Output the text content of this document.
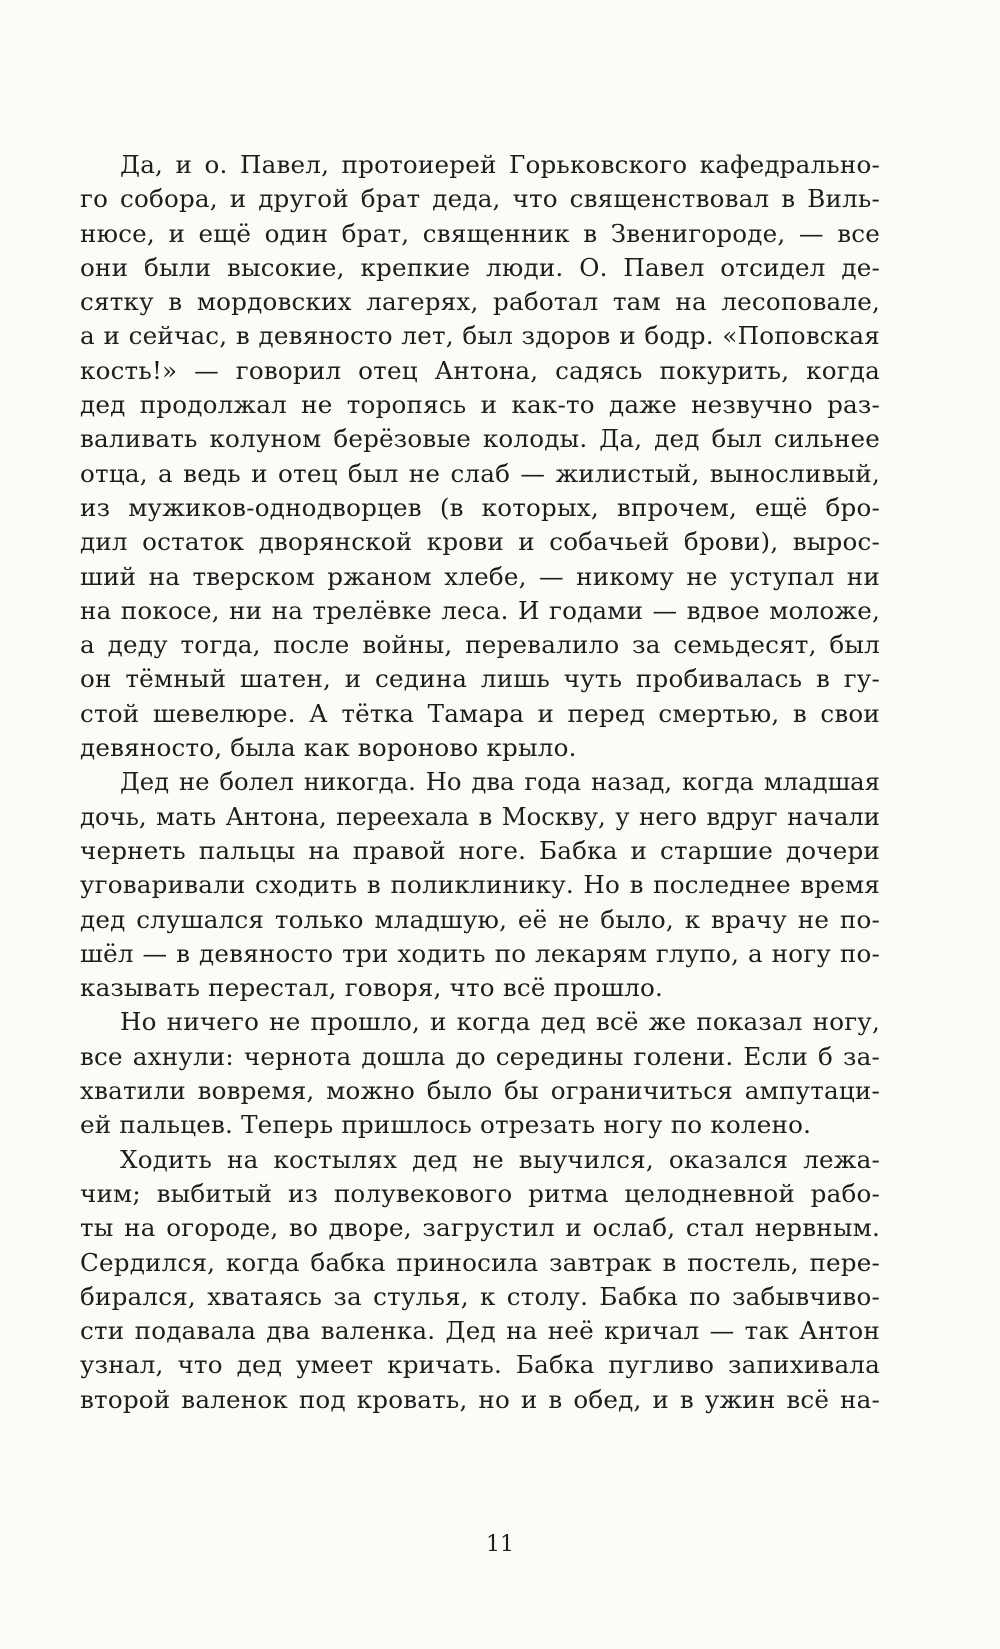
Да, и о. Павел, протоиерей Горьковского кафедрально-
го собора, и другой брат деда, что священствовал в Виль-
нюсе, и ещё один брат, священник в Звенигороде, — все
они были высокие, крепкие люди. О. Павел отсидел де-
сятку в мордовских лагерях, работал там на лесоповале,
а и сейчас, в девяносто лет, был здоров и бодр. «Поповская
кость!» — говорил отец Антона, садясь покурить, когда
дед продолжал не торопясь и как-то даже незвучно раз-
валивать колуном берёзовые колоды. Да, дед был сильнее
отца, а ведь и отец был не слаб — жилистый, выносливый,
из мужиков-однодворцев (в которых, впрочем, ещё бро-
дил остаток дворянской крови и собачьей брови), вырос-
ший на тверском ржаном хлебе, — никому не уступал ни
на покосе, ни на трелёвке леса. И годами — вдвое моложе,
а деду тогда, после войны, перевалило за семьдесят, был
он тёмный шатен, и седина лишь чуть пробивалась в гу-
стой шевелюре. А тётка Тамара и перед смертью, в свои
девяносто, была как вороново крыло.
Дед не болел никогда. Но два года назад, когда младшая
дочь, мать Антона, переехала в Москву, у него вдруг начали
чернеть пальцы на правой ноге. Бабка и старшие дочери
уговаривали сходить в поликлинику. Но в последнее время
дед слушался только младшую, её не было, к врачу не по-
шёл — в девяносто три ходить по лекарям глупо, а ногу по-
казывать перестал, говоря, что всё прошло.
Но ничего не прошло, и когда дед всё же показал ногу,
все ахнули: чернота дошла до середины голени. Если б за-
хватили вовремя, можно было бы ограничиться ампутаци-
ей пальцев. Теперь пришлось отрезать ногу по колено.
Ходить на костылях дед не выучился, оказался лежа-
чим; выбитый из полувекового ритма целодневной рабо-
ты на огороде, во дворе, загрустил и ослаб, стал нервным.
Сердился, когда бабка приносила завтрак в постель, пере-
бирался, хватаясь за стулья, к столу. Бабка по забывчиво-
сти подавала два валенка. Дед на неё кричал — так Антон
узнал, что дед умеет кричать. Бабка пугливо запихивала
второй валенок под кровать, но и в обед, и в ужин всё на-
11
